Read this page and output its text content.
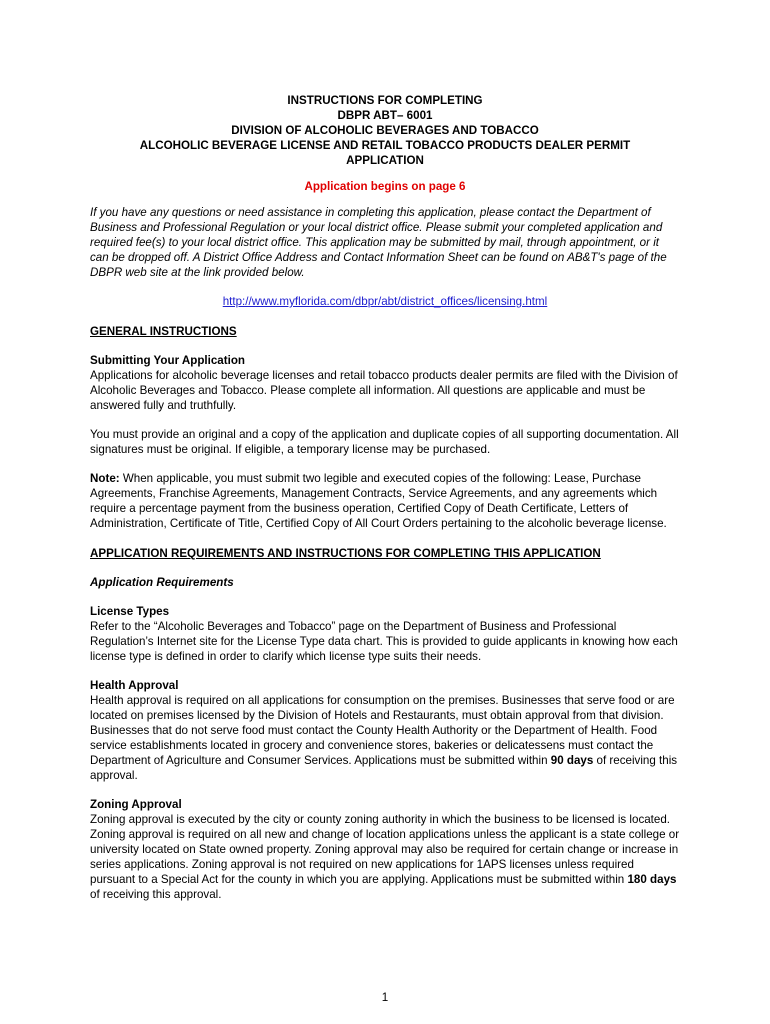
INSTRUCTIONS FOR COMPLETING
DBPR ABT– 6001
DIVISION OF ALCOHOLIC BEVERAGES AND TOBACCO
ALCOHOLIC BEVERAGE LICENSE AND RETAIL TOBACCO PRODUCTS DEALER PERMIT
APPLICATION
Application begins on page 6

If you have any questions or need assistance in completing this application, please contact the Department of Business and Professional Regulation or your local district office. Please submit your completed application and required fee(s) to your local district office. This application may be submitted by mail, through appointment, or it can be dropped off. A District Office Address and Contact Information Sheet can be found on AB&T's page of the DBPR web site at the link provided below.

http://www.myflorida.com/dbpr/abt/district_offices/licensing.html
GENERAL INSTRUCTIONS
Submitting Your Application

Applications for alcoholic beverage licenses and retail tobacco products dealer permits are filed with the Division of Alcoholic Beverages and Tobacco. Please complete all information. All questions are applicable and must be answered fully and truthfully.

You must provide an original and a copy of the application and duplicate copies of all supporting documentation. All signatures must be original. If eligible, a temporary license may be purchased.

Note: When applicable, you must submit two legible and executed copies of the following: Lease, Purchase Agreements, Franchise Agreements, Management Contracts, Service Agreements, and any agreements which require a percentage payment from the business operation, Certified Copy of Death Certificate, Letters of Administration, Certificate of Title, Certified Copy of All Court Orders pertaining to the alcoholic beverage license.

APPLICATION REQUIREMENTS AND INSTRUCTIONS FOR COMPLETING THIS APPLICATION
Application Requirements
License Types

Refer to the “Alcoholic Beverages and Tobacco” page on the Department of Business and Professional Regulation’s Internet site for the License Type data chart. This is provided to guide applicants in knowing how each license type is defined in order to clarify which license type suits their needs.

Health Approval

Health approval is required on all applications for consumption on the premises. Businesses that serve food or are located on premises licensed by the Division of Hotels and Restaurants, must obtain approval from that division. Businesses that do not serve food must contact the County Health Authority or the Department of Health. Food service establishments located in grocery and convenience stores, bakeries or delicatessens must contact the Department of Agriculture and Consumer Services. Applications must be submitted within 90 days of receiving this approval.

Zoning Approval

Zoning approval is executed by the city or county zoning authority in which the business to be licensed is located. Zoning approval is required on all new and change of location applications unless the applicant is a state college or university located on State owned property. Zoning approval may also be required for certain change or increase in series applications. Zoning approval is not required on new applications for 1APS licenses unless required pursuant to a Special Act for the county in which you are applying. Applications must be submitted within 180 days of receiving this approval.

1
